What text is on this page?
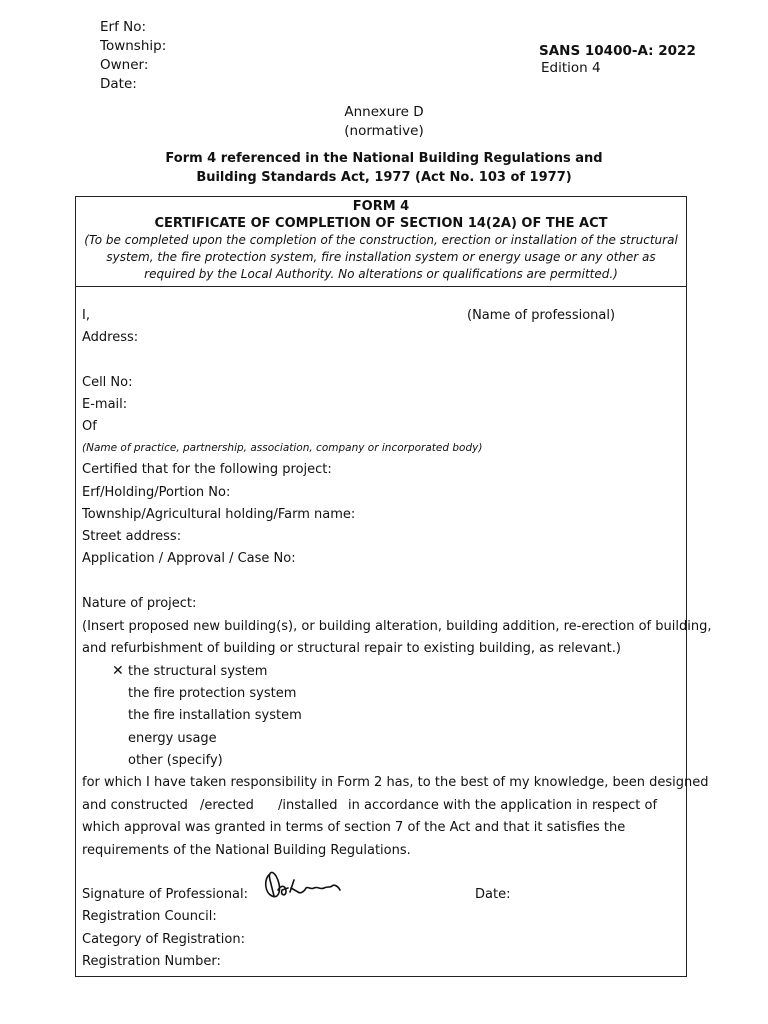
Erf No:
Township:
Owner:
Date:
SANS 10400-A: 2022
Edition 4
Annexure D
(normative)
Form 4 referenced in the National Building Regulations and
Building Standards Act, 1977 (Act No. 103 of 1977)
FORM 4
CERTIFICATE OF COMPLETION OF SECTION 14(2A) OF THE ACT
(To be completed upon the completion of the construction, erection or installation of the structural system, the fire protection system, fire installation system or energy usage or any other as required by the Local Authority. No alterations or qualifications are permitted.)
I,	(Name of professional)
Address:
Cell No:
E-mail:
Of
(Name of practice, partnership, association, company or incorporated body)
Certified that for the following project:
Erf/Holding/Portion No:
Township/Agricultural holding/Farm name:
Street address:
Application / Approval / Case No:
Nature of project:
(Insert proposed new building(s), or building alteration, building addition, re-erection of building,
and refurbishment of building or structural repair to existing building, as relevant.)
✕ the structural system
the fire protection system
the fire installation system
energy usage
other (specify)
for which I have taken responsibility in Form 2 has, to the best of my knowledge, been designed
and constructed /erected /installed in accordance with the application in respect of
which approval was granted in terms of section 7 of the Act and that it satisfies the
requirements of the National Building Regulations.
Signature of Professional:	Date:
Registration Council:
Category of Registration:
Registration Number:
